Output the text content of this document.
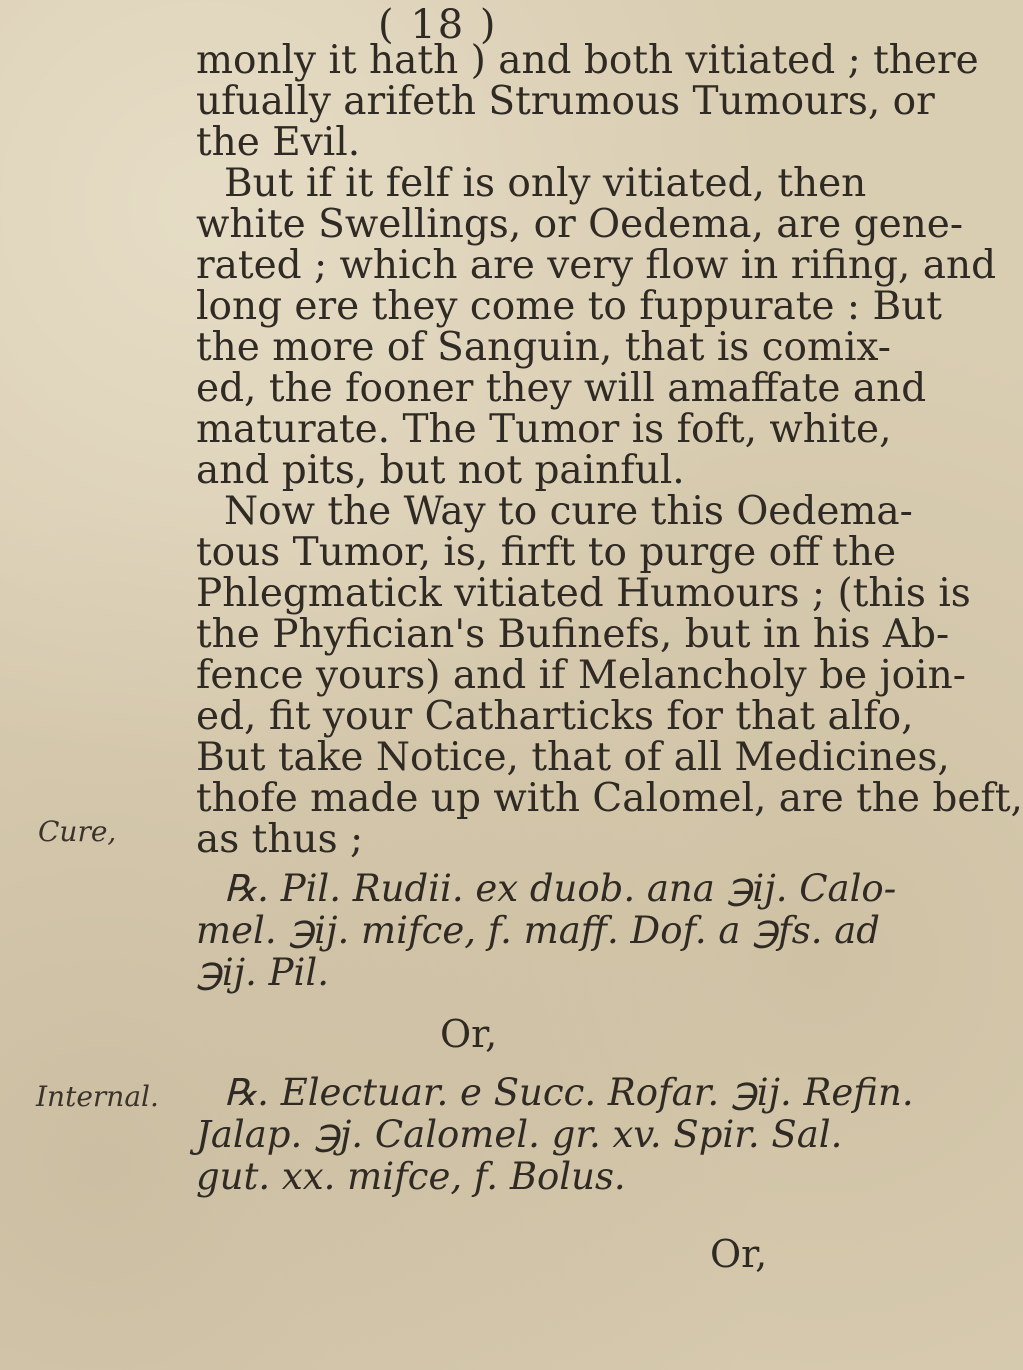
( 18 )
monly it hath ) and both vitiated ; there
ufually arifeth Strumous Tumours, or
the Evil.
But if it felf is only vitiated, then
white Swellings, or Oedema, are gene-
rated ; which are very flow in rifing, and
long ere they come to fuppurate : But
the more of Sanguin, that is comix-
ed, the fooner they will amaffate and
maturate. The Tumor is foft, white,
and pits, but not painful.
Now the Way to cure this Oedema-
tous Tumor, is, firft to purge off the
Phlegmatick vitiated Humours ; (this is
the Phyfician's Bufinefs, but in his Ab-
fence yours) and if Melancholy be join-
ed, fit your Catharticks for that alfo,
But take Notice, that of all Medicines,
thofe made up with Calomel, are the beft,
as thus ;
℞. Pil. Rudii. ex duob. ana ℈ij. Calo-
mel. ℈ij. mifce, f. maff. Dof. a ℈fs. ad
℈ij. Pil.
Or,
℞. Electuar. e Succ. Rofar. ℈ij. Refin.
Jalap. ℈j. Calomel. gr. xv. Spir. Sal.
gut. xx. mifce, f. Bolus.
Or,
Cure,
Internal.
